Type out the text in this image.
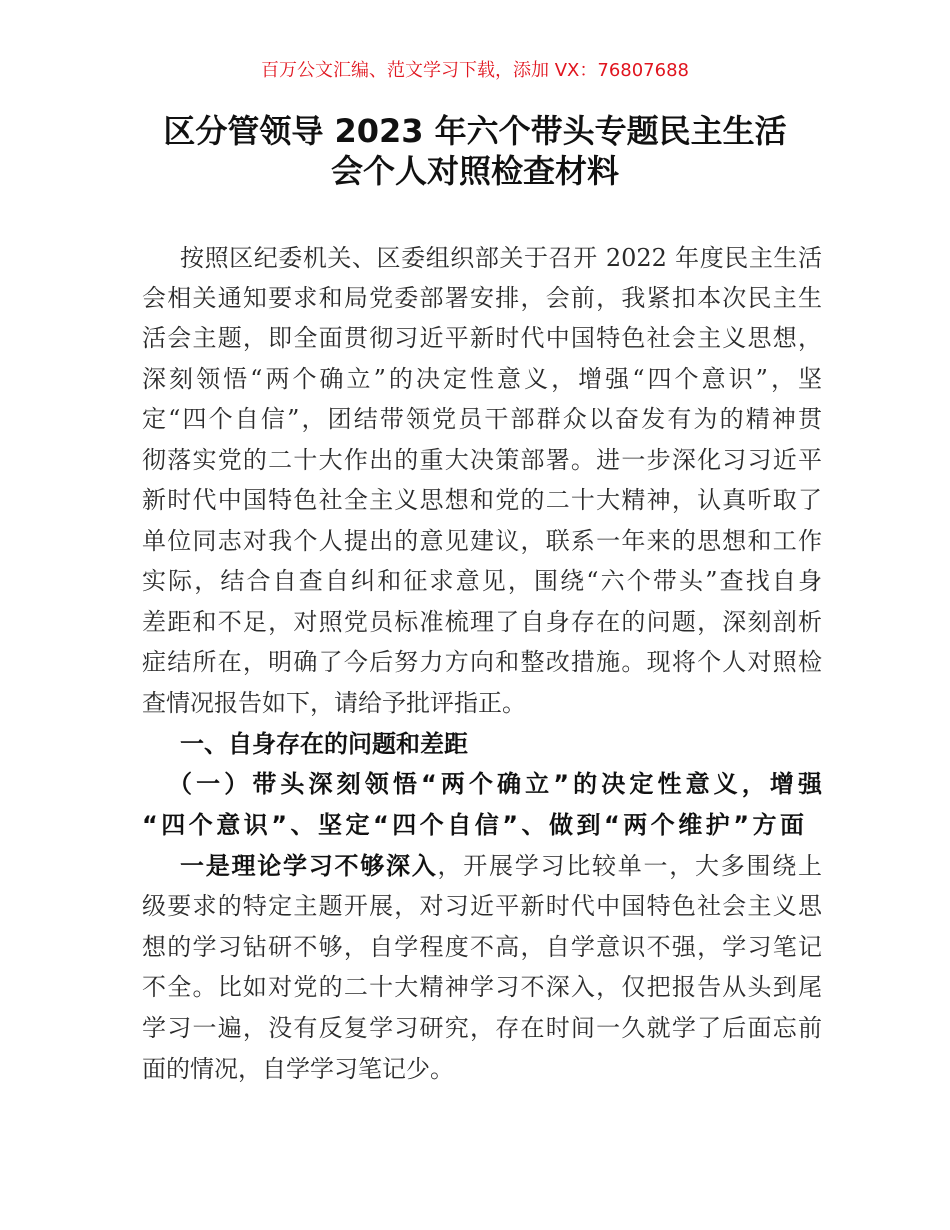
百万公文汇编、范文学习下载，添加 VX：76807688
区分管领导 2023 年六个带头专题民主生活
会个人对照检查材料
按照区纪委机关、区委组织部关于召开 2022 年度民主生活
会相关通知要求和局党委部署安排，会前，我紧扣本次民主生
活会主题，即全面贯彻习近平新时代中国特色社会主义思想，
深刻领悟“两个确立”的决定性意义，增强“四个意识”，坚
定“四个自信”，团结带领党员干部群众以奋发有为的精神贯
彻落实党的二十大作出的重大决策部署。进一步深化习习近平
新时代中国特色社全主义思想和党的二十大精神，认真听取了
单位同志对我个人提出的意见建议，联系一年来的思想和工作
实际，结合自查自纠和征求意见，围绕“六个带头”查找自身
差距和不足，对照党员标准梳理了自身存在的问题，深刻剖析
症结所在，明确了今后努力方向和整改措施。现将个人对照检
查情况报告如下，请给予批评指正。
一、自身存在的问题和差距
（一）带头深刻领悟“两个确立”的决定性意义，增强
“四个意识”、坚定“四个自信”、做到“两个维护”方面
一是理论学习不够深入，开展学习比较单一，大多围绕上
级要求的特定主题开展，对习近平新时代中国特色社会主义思
想的学习钻研不够，自学程度不高，自学意识不强，学习笔记
不全。比如对党的二十大精神学习不深入，仅把报告从头到尾
学习一遍，没有反复学习研究，存在时间一久就学了后面忘前
面的情况，自学学习笔记少。
